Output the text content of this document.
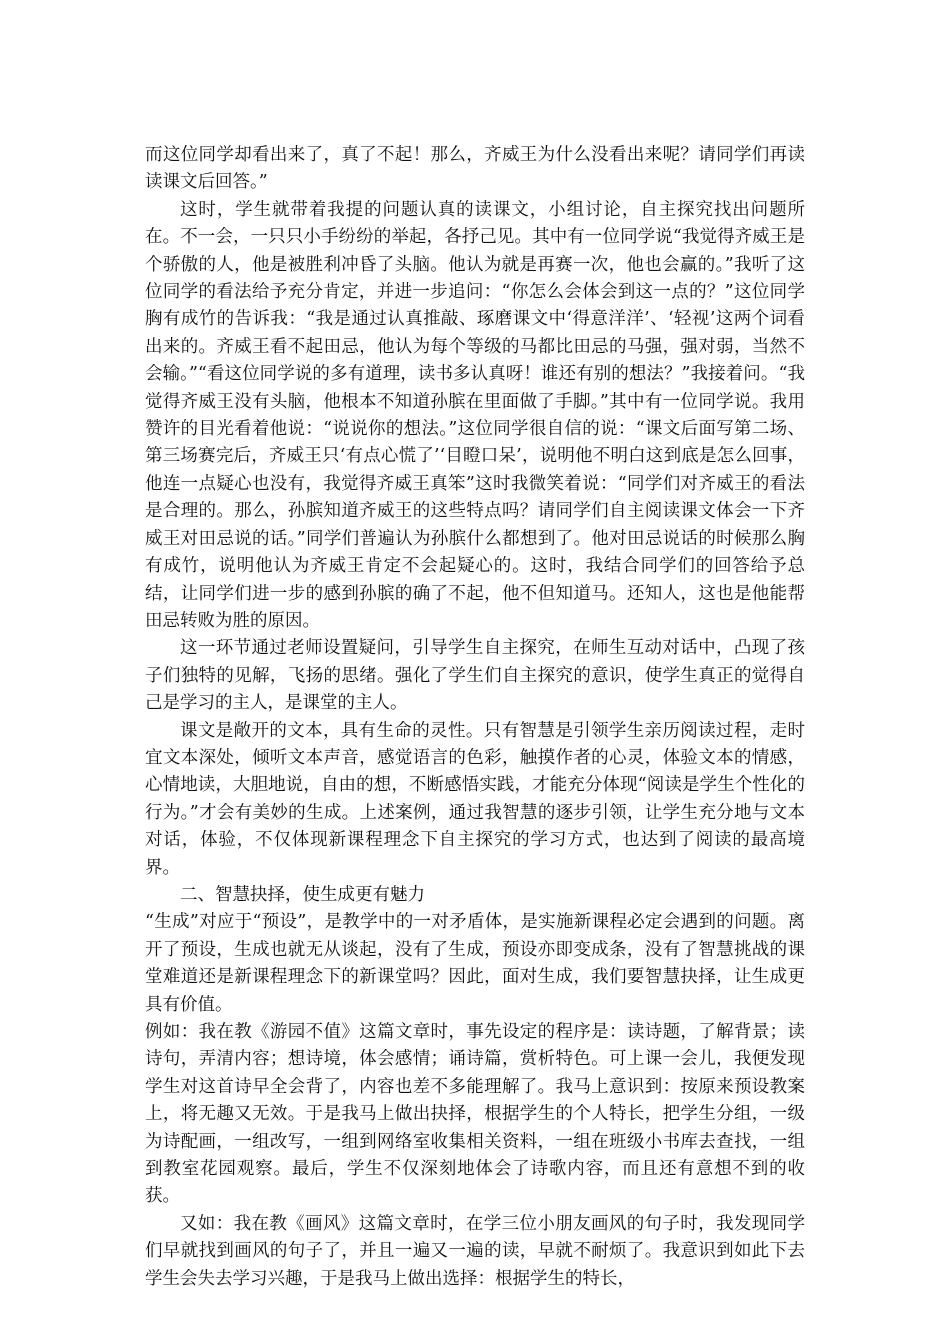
而这位同学却看出来了，真了不起！那么，齐威王为什么没看出来呢？请同学们再读读课文后回答。”

这时，学生就带着我提的问题认真的读课文，小组讨论，自主探究找出问题所在。不一会，一只只小手纷纷的举起，各抒己见。其中有一位同学说“我觉得齐威王是个骄傲的人，他是被胜利冲昏了头脑。他认为就是再赛一次，他也会赢的。”我听了这位同学的看法给予充分肯定，并进一步追问：“你怎么会体会到这一点的？”这位同学胸有成竹的告诉我：“我是通过认真推敲、琢磨课文中‘得意洋洋’、‘轻视’这两个词看出来的。齐威王看不起田忌，他认为每个等级的马都比田忌的马强，强对弱，当然不会输。”“看这位同学说的多有道理，读书多认真呀！谁还有别的想法？”我接着问。“我觉得齐威王没有头脑，他根本不知道孙膑在里面做了手脚。”其中有一位同学说。我用赞许的目光看着他说：“说说你的想法。”这位同学很自信的说：“课文后面写第二场、第三场赛完后，齐威王只‘有点心慌了’‘目瞪口呆’，说明他不明白这到底是怎么回事，他连一点疑心也没有，我觉得齐威王真笨”这时我微笑着说：“同学们对齐威王的看法是合理的。那么，孙膑知道齐威王的这些特点吗？请同学们自主阅读课文体会一下齐威王对田忌说的话。”同学们普遍认为孙膑什么都想到了。他对田忌说话的时候那么胸有成竹，说明他认为齐威王肯定不会起疑心的。这时，我结合同学们的回答给予总结，让同学们进一步的感到孙膑的确了不起，他不但知道马。还知人，这也是他能帮田忌转败为胜的原因。

这一环节通过老师设置疑问，引导学生自主探究，在师生互动对话中，凸现了孩子们独特的见解，飞扬的思绪。强化了学生们自主探究的意识，使学生真正的觉得自己是学习的主人，是课堂的主人。

课文是敞开的文本，具有生命的灵性。只有智慧是引领学生亲历阅读过程，走时宜文本深处，倾听文本声音，感觉语言的色彩，触摸作者的心灵，体验文本的情感，心情地读，大胆地说，自由的想，不断感悟实践，才能充分体现“阅读是学生个性化的行为。”才会有美妙的生成。上述案例，通过我智慧的逐步引领，让学生充分地与文本对话，体验，不仅体现新课程理念下自主探究的学习方式，也达到了阅读的最高境界。

二、智慧抉择，使生成更有魅力

“生成”对应于“预设”，是教学中的一对矛盾体，是实施新课程必定会遇到的问题。离开了预设，生成也就无从谈起，没有了生成，预设亦即变成条，没有了智慧挑战的课堂难道还是新课程理念下的新课堂吗？因此，面对生成，我们要智慧抉择，让生成更具有价值。

例如：我在教《游园不值》这篇文章时，事先设定的程序是：读诗题，了解背景；读诗句，弄清内容；想诗境，体会感情；诵诗篇，赏析特色。可上课一会儿，我便发现学生对这首诗早全会背了，内容也差不多能理解了。我马上意识到：按原来预设教案上，将无趣又无效。于是我马上做出抉择，根据学生的个人特长，把学生分组，一级为诗配画，一组改写，一组到网络室收集相关资料，一组在班级小书库去查找，一组到教室花园观察。最后，学生不仅深刻地体会了诗歌内容，而且还有意想不到的收获。

又如：我在教《画风》这篇文章时，在学三位小朋友画风的句子时，我发现同学们早就找到画风的句子了，并且一遍又一遍的读，早就不耐烦了。我意识到如此下去学生会失去学习兴趣，于是我马上做出选择：根据学生的特长，
